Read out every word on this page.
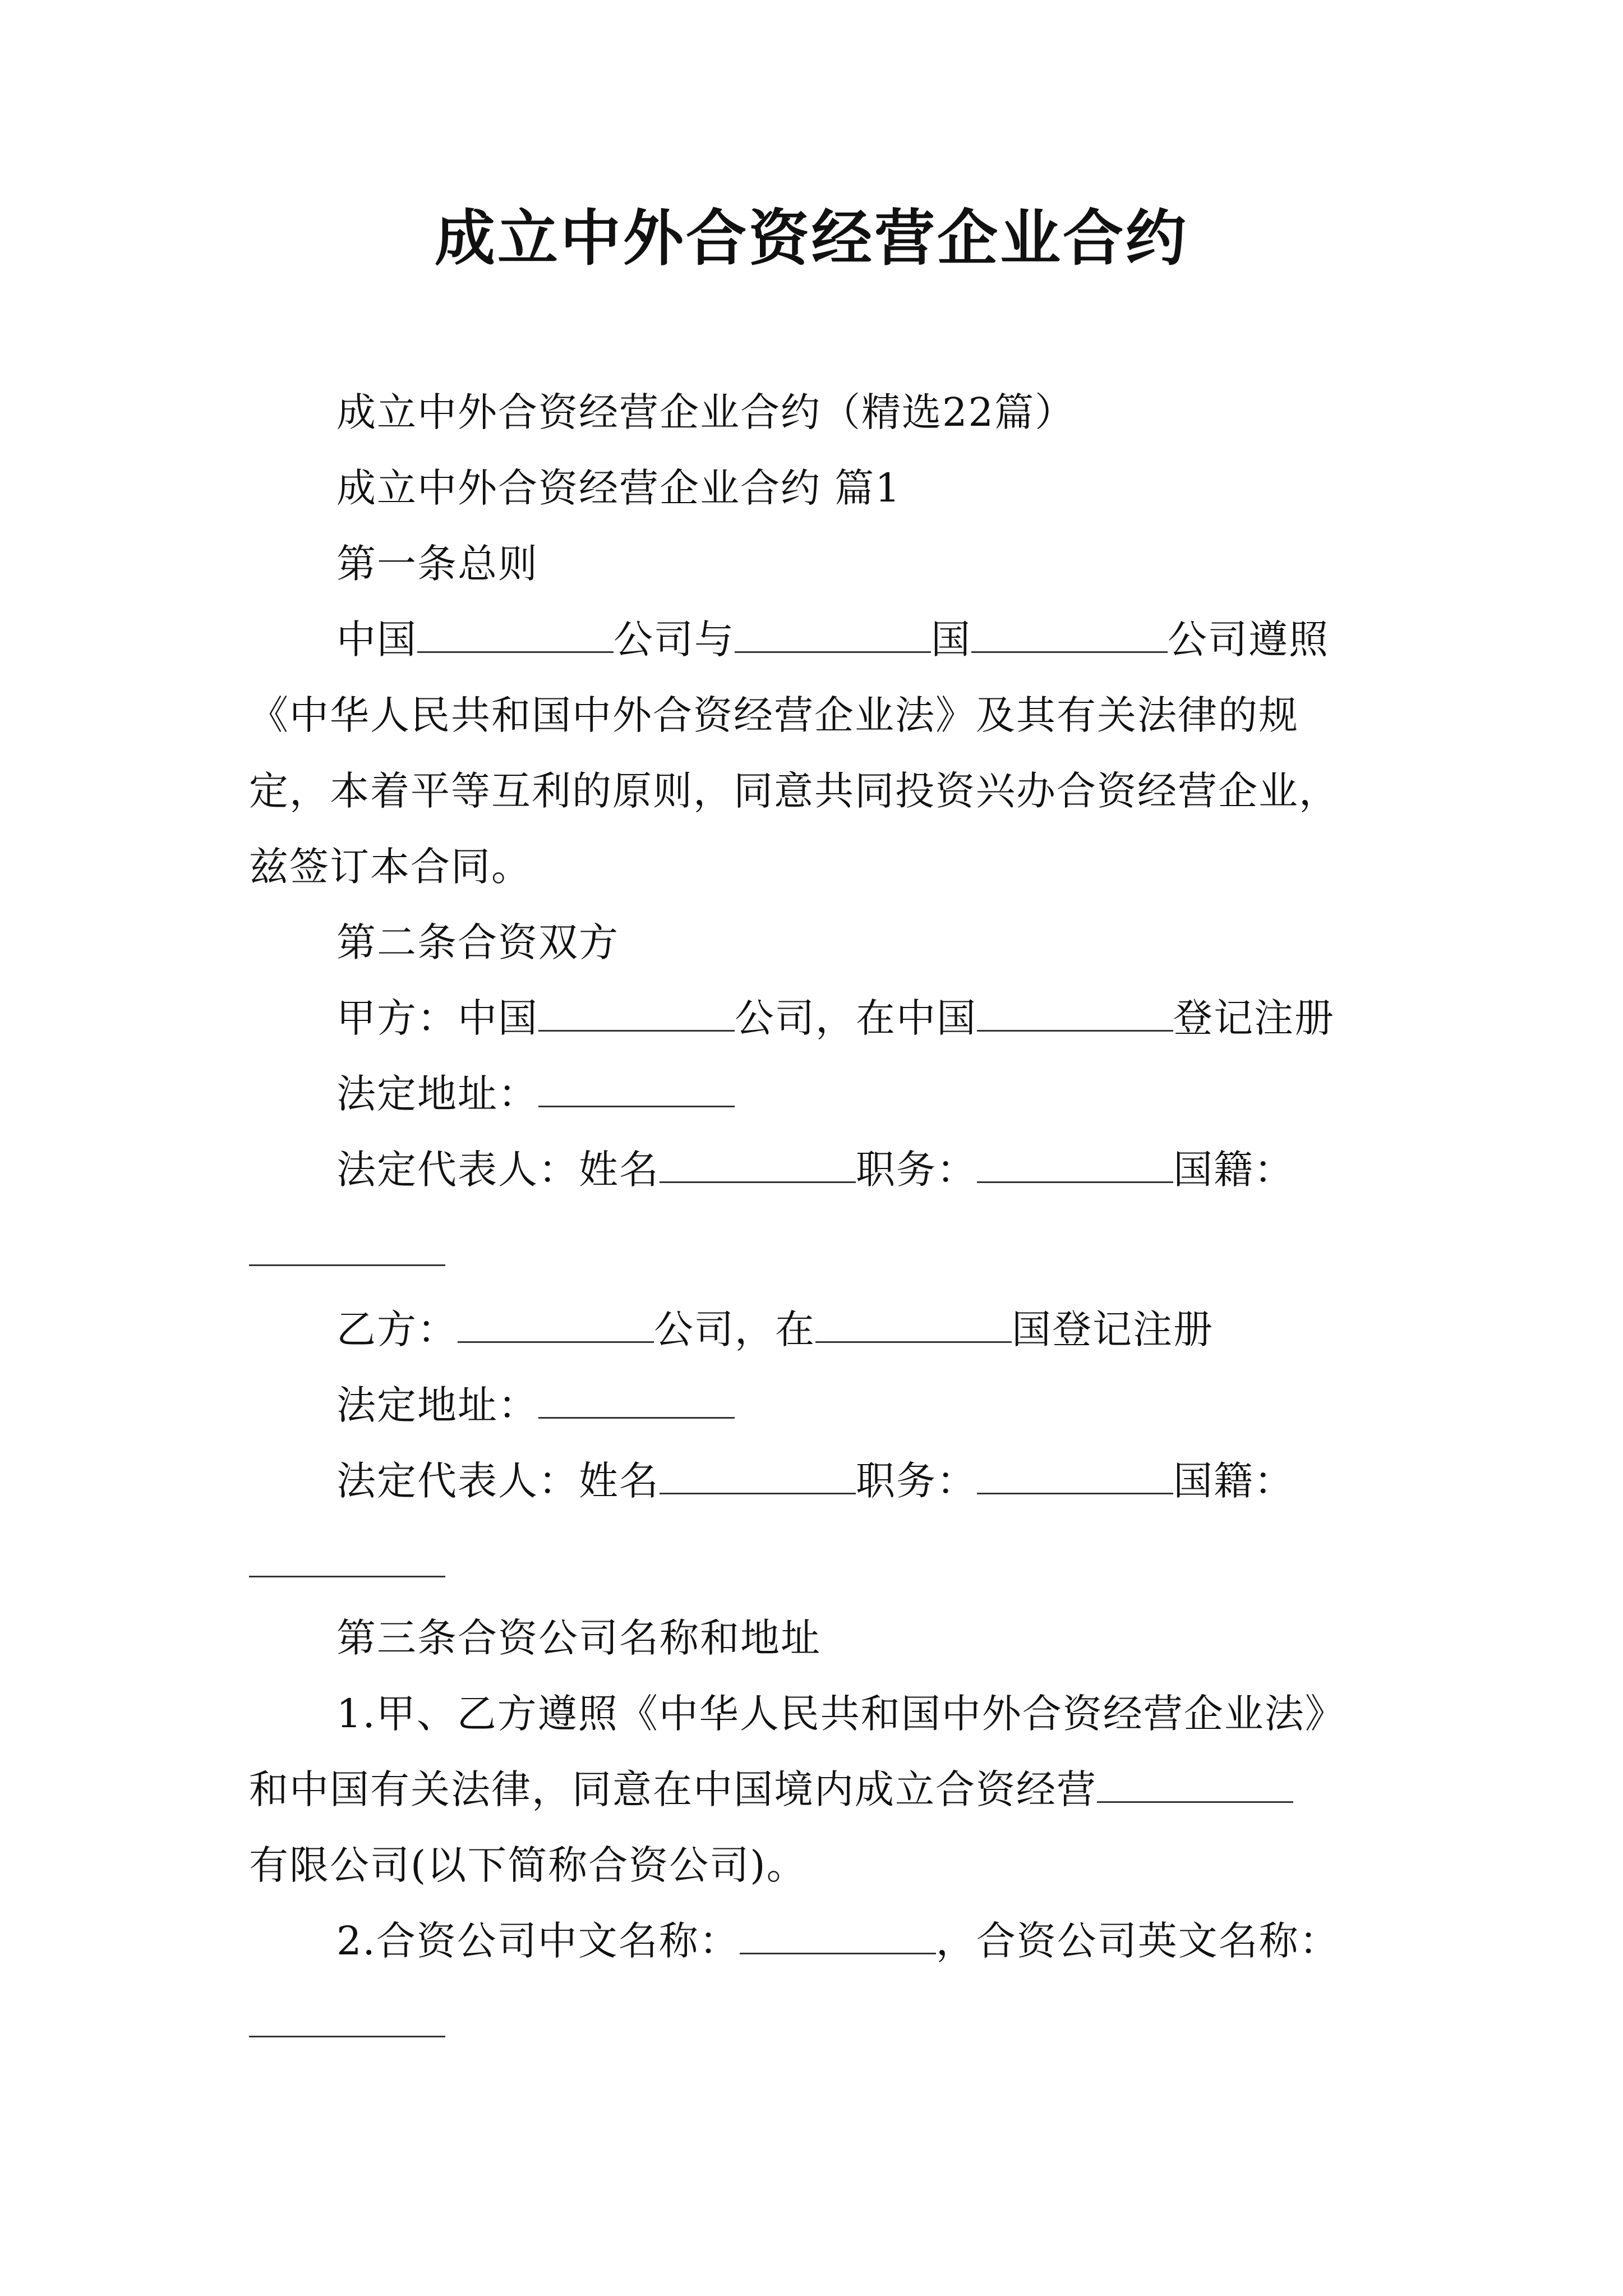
成立中外合资经营企业合约
成立中外合资经营企业合约（精选22篇）
成立中外合资经营企业合约 篇1
第一条总则
中国	公司与	国	公司遵照
《中华人民共和国中外合资经营企业法》及其有关法律的规
定，本着平等互利的原则，同意共同投资兴办合资经营企业，
兹签订本合同。
第二条合资双方
甲方：中国	公司，在中国	登记注册
法定地址：
法定代表人：姓名	职务：	国籍：
乙方：	公司，在	国登记注册
法定地址：
法定代表人：姓名	职务：	国籍：
第三条合资公司名称和地址
1.甲、乙方遵照《中华人民共和国中外合资经营企业法》
和中国有关法律，同意在中国境内成立合资经营
有限公司(以下简称合资公司)。
2.合资公司中文名称：	，合资公司英文名称：
